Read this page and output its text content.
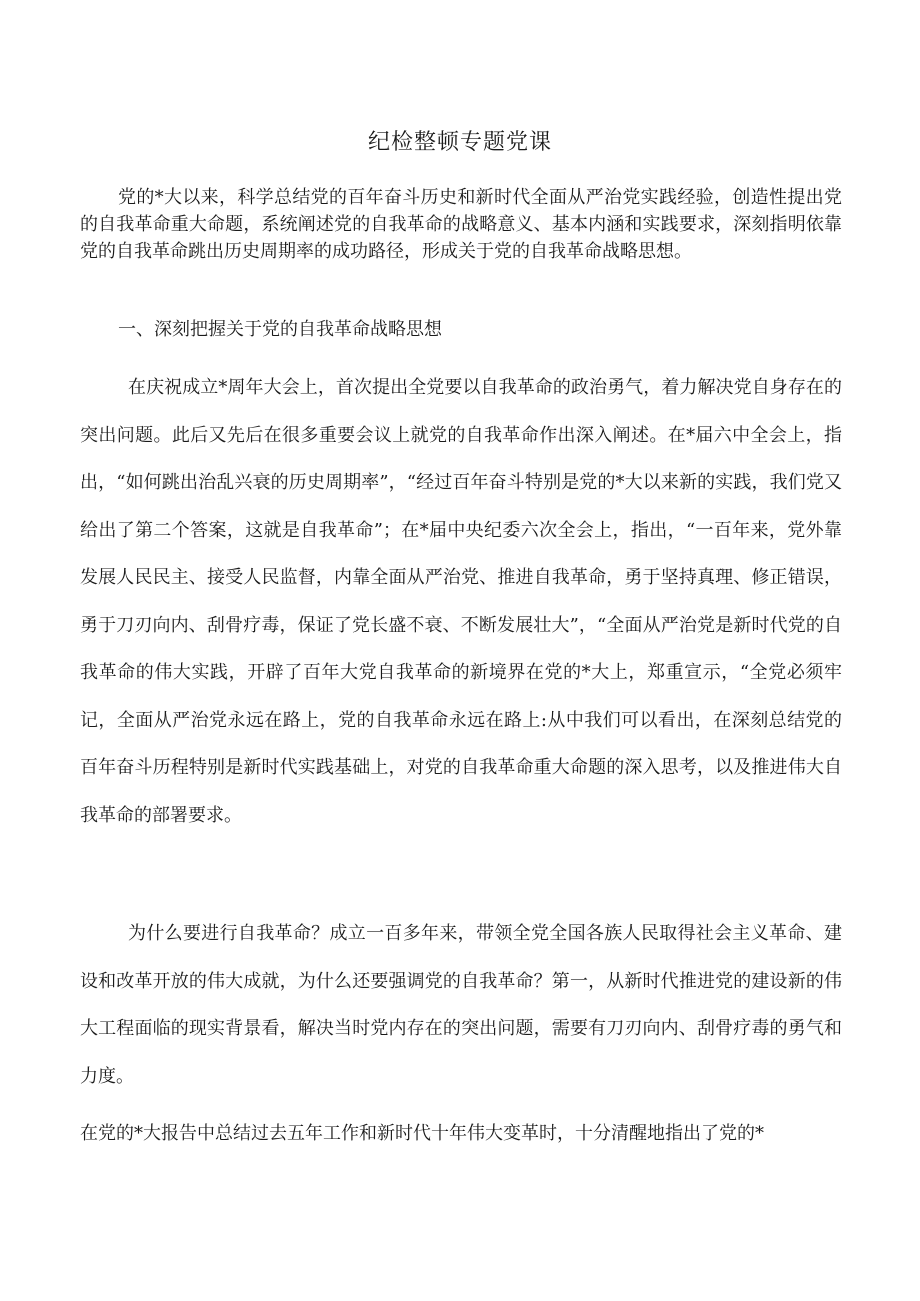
纪检整顿专题党课

党的*大以来，科学总结党的百年奋斗历史和新时代全面从严治党实践经验，创造性提出党的自我革命重大命题，系统阐述党的自我革命的战略意义、基本内涵和实践要求，深刻指明依靠党的自我革命跳出历史周期率的成功路径，形成关于党的自我革命战略思想。

一、深刻把握关于党的自我革命战略思想

在庆祝成立*周年大会上，首次提出全党要以自我革命的政治勇气，着力解决党自身存在的突出问题。此后又先后在很多重要会议上就党的自我革命作出深入阐述。在*届六中全会上，指出，“如何跳出治乱兴衰的历史周期率”，“经过百年奋斗特别是党的*大以来新的实践，我们党又给出了第二个答案，这就是自我革命”；在*届中央纪委六次全会上，指出，“一百年来，党外靠发展人民民主、接受人民监督，内靠全面从严治党、推进自我革命，勇于坚持真理、修正错误，勇于刀刃向内、刮骨疗毒，保证了党长盛不衰、不断发展壮大”，“全面从严治党是新时代党的自我革命的伟大实践，开辟了百年大党自我革命的新境界在党的*大上，郑重宣示，“全党必须牢记，全面从严治党永远在路上，党的自我革命永远在路上:从中我们可以看出，在深刻总结党的百年奋斗历程特别是新时代实践基础上，对党的自我革命重大命题的深入思考，以及推进伟大自我革命的部署要求。

为什么要进行自我革命？成立一百多年来，带领全党全国各族人民取得社会主义革命、建设和改革开放的伟大成就，为什么还要强调党的自我革命？第一，从新时代推进党的建设新的伟大工程面临的现实背景看，解决当时党内存在的突出问题，需要有刀刃向内、刮骨疗毒的勇气和力度。

在党的*大报告中总结过去五年工作和新时代十年伟大变革时，十分清醒地指出了党的*
